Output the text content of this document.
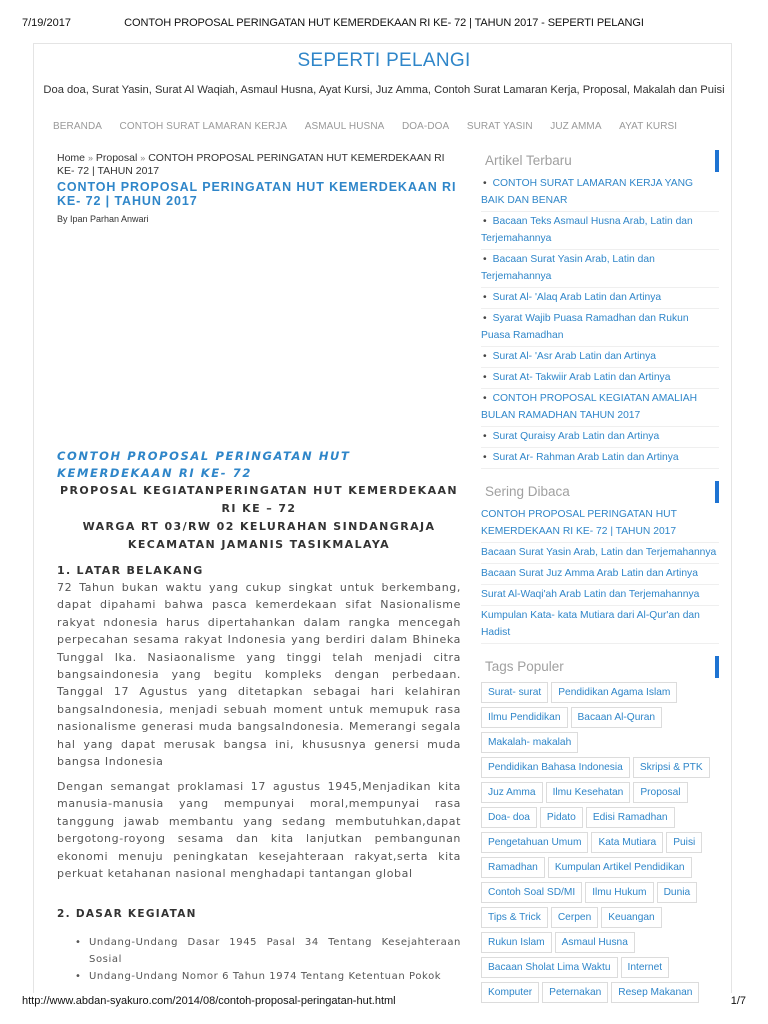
7/19/2017	CONTOH PROPOSAL PERINGATAN HUT KEMERDEKAAN RI KE- 72 | TAHUN 2017 - SEPERTI PELANGI
SEPERTI PELANGI
Doa doa, Surat Yasin, Surat Al Waqiah, Asmaul Husna, Ayat Kursi, Juz Amma, Contoh Surat Lamaran Kerja, Proposal, Makalah dan Puisi
BERANDA CONTOH SURAT LAMARAN KERJA ASMAUL HUSNA DOA-DOA SURAT YASIN JUZ AMMA AYAT KURSI
Home » Proposal » CONTOH PROPOSAL PERINGATAN HUT KEMERDEKAAN RI KE- 72 | TAHUN 2017
CONTOH PROPOSAL PERINGATAN HUT KEMERDEKAAN RI KE- 72 | TAHUN 2017
By Ipan Parhan Anwari
CONTOH PROPOSAL PERINGATAN HUT KEMERDEKAAN RI KE- 72
PROPOSAL KEGIATANPERINGATAN HUT KEMERDEKAAN RI KE – 72
WARGA RT 03/RW 02 KELURAHAN SINDANGRAJA KECAMATAN JAMANIS TASIKMALAYA
1. LATAR BELAKANG

72 Tahun bukan waktu yang cukup singkat untuk berkembang, dapat dipahami bahwa pasca kemerdekaan sifat Nasionalisme rakyat ndonesia harus dipertahankan dalam rangka mencegah perpecahan sesama rakyat Indonesia yang berdiri dalam Bhineka Tunggal Ika. Nasiaonalisme yang tinggi telah menjadi citra bangsaindonesia yang begitu kompleks dengan perbedaan. Tanggal 17 Agustus yang ditetapkan sebagai hari kelahiran bangsaIndonesia, menjadi sebuah moment untuk memupuk rasa nasionalisme generasi muda bangsaIndonesia. Memerangi segala hal yang dapat merusak bangsa ini, khususnya genersi muda bangsa Indonesia

Dengan semangat proklamasi 17 agustus 1945,Menjadikan kita manusia-manusia yang mempunyai moral,mempunyai rasa tanggung jawab membantu yang sedang membutuhkan,dapat bergotong-royong sesama dan kita lanjutkan pembangunan ekonomi menuju peningkatan kesejahteraan rakyat,serta kita perkuat ketahanan nasional menghadapi tantangan global

2. DASAR KEGIATAN
• Undang-Undang Dasar 1945 Pasal 34 Tentang Kesejahteraan Sosial
• Undang-Undang Nomor 6 Tahun 1974 Tentang Ketentuan Pokok
Artikel Terbaru
• CONTOH SURAT LAMARAN KERJA YANG BAIK DAN BENAR
• Bacaan Teks Asmaul Husna Arab, Latin dan Terjemahannya
• Bacaan Surat Yasin Arab, Latin dan Terjemahannya
• Surat Al- 'Alaq Arab Latin dan Artinya
• Syarat Wajib Puasa Ramadhan dan Rukun Puasa Ramadhan
• Surat Al- 'Asr Arab Latin dan Artinya
• Surat At- Takwiir Arab Latin dan Artinya
• CONTOH PROPOSAL KEGIATAN AMALIAH BULAN RAMADHAN TAHUN 2017
• Surat Quraisy Arab Latin dan Artinya
• Surat Ar- Rahman Arab Latin dan Artinya
Sering Dibaca
CONTOH PROPOSAL PERINGATAN HUT KEMERDEKAAN RI KE- 72 | TAHUN 2017
Bacaan Surat Yasin Arab, Latin dan Terjemahannya
Bacaan Surat Juz Amma Arab Latin dan Artinya
Surat Al-Waqi'ah Arab Latin dan Terjemahannya
Kumpulan Kata- kata Mutiara dari Al-Qur'an dan Hadist
Tags Populer
Surat- surat	Pendidikan Agama Islam
Ilmu Pendidikan	Bacaan Al-Quran
Makalah- makalah
Pendidikan Bahasa Indonesia	Skripsi & PTK
Juz Amma	Ilmu Kesehatan	Proposal
Doa- doa	Pidato	Edisi Ramadhan
Pengetahuan Umum	Kata Mutiara	Puisi
Ramadhan	Kumpulan Artikel Pendidikan
Contoh Soal SD/MI	Ilmu Hukum	Dunia
Tips & Trick	Cerpen	Keuangan
Rukun Islam	Asmaul Husna
Bacaan Sholat Lima Waktu	Internet
Komputer	Peternakan	Resep Makanan
http://www.abdan-syakuro.com/2014/08/contoh-proposal-peringatan-hut.html	1/7
